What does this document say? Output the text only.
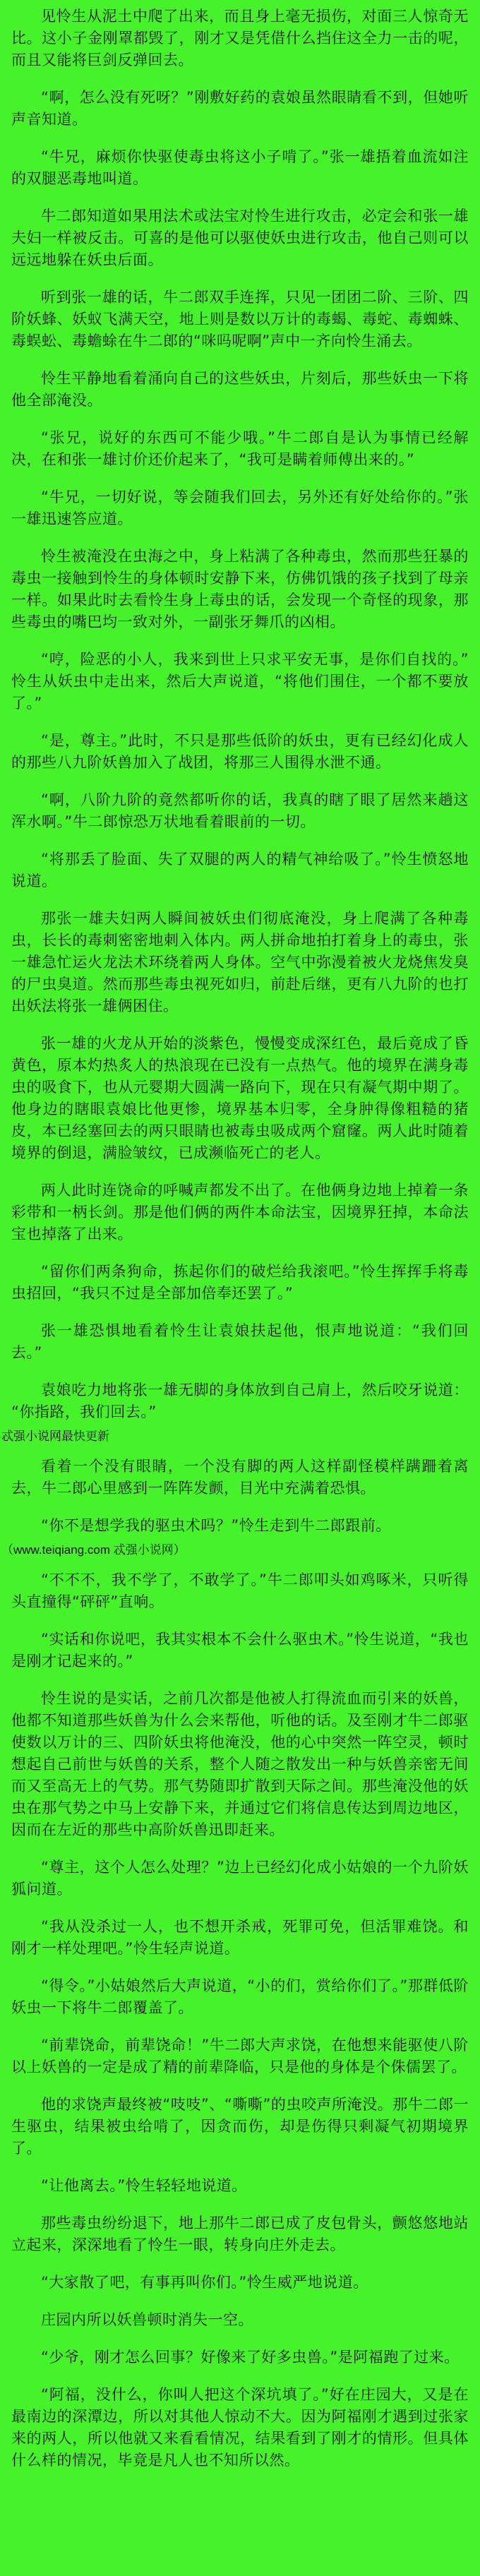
见怜生从泥土中爬了出来，而且身上毫无损伤，对面三人惊奇无比。这小子金刚罩都毁了，刚才又是凭借什么挡住这全力一击的呢，而且又能将巨剑反弹回去。

“啊，怎么没有死呀？”刚敷好药的袁娘虽然眼睛看不到，但她听声音知道。

“牛兄，麻烦你快驱使毒虫将这小子啃了。”张一雄捂着血流如注的双腿恶毒地叫道。

牛二郎知道如果用法术或法宝对怜生进行攻击，必定会和张一雄夫妇一样被反击。可喜的是他可以驱使妖虫进行攻击，他自己则可以远远地躲在妖虫后面。

听到张一雄的话，牛二郎双手连挥，只见一团团二阶、三阶、四阶妖蜂、妖蚁飞满天空，地上则是数以万计的毒蝎、毒蛇、毒蜘蛛、毒蜈蚣、毒蟾蜍在牛二郎的“咪吗呢啊”声中一齐向怜生涌去。

怜生平静地看着涌向自己的这些妖虫，片刻后，那些妖虫一下将他全部淹没。

“张兄，说好的东西可不能少哦。”牛二郎自是认为事情已经解决，在和张一雄讨价还价起来了，“我可是瞒着师傅出来的。”

“牛兄，一切好说，等会随我们回去，另外还有好处给你的。”张一雄迅速答应道。

怜生被淹没在虫海之中，身上粘满了各种毒虫，然而那些狂暴的毒虫一接触到怜生的身体顿时安静下来，仿佛饥饿的孩子找到了母亲一样。如果此时去看怜生身上毒虫的话，会发现一个奇怪的现象，那些毒虫的嘴巴均一致对外，一副张牙舞爪的凶相。

“哼，险恶的小人，我来到世上只求平安无事，是你们自找的。”怜生从妖虫中走出来，然后大声说道，“将他们围住，一个都不要放了。”

“是，尊主。”此时，不只是那些低阶的妖虫，更有已经幻化成人的那些八九阶妖兽加入了战团，将那三人围得水泄不通。

“啊，八阶九阶的竟然都听你的话，我真的瞎了眼了居然来趟这浑水啊。”牛二郎惊恐万状地看着眼前的一切。

“将那丢了脸面、失了双腿的两人的精气神给吸了。”怜生愤怒地说道。

那张一雄夫妇两人瞬间被妖虫们彻底淹没，身上爬满了各种毒虫，长长的毒刺密密地刺入体内。两人拼命地拍打着身上的毒虫，张一雄急忙运火龙法术环绕着两人身体。空气中弥漫着被火龙烧焦发臭的尸虫臭道。然而那些毒虫视死如归，前赴后继，更有八九阶的也打出妖法将张一雄俩困住。

张一雄的火龙从开始的淡紫色，慢慢变成深红色，最后竟成了昏黄色，原本灼热炙人的热浪现在已没有一点热气。他的境界在满身毒虫的吸食下，也从元婴期大圆满一路向下，现在只有凝气期中期了。他身边的瞎眼袁娘比他更惨，境界基本归零，全身肿得像粗糙的猪皮，本已经塞回去的两只眼睛也被毒虫吸成两个窟窿。两人此时随着境界的倒退，满脸皱纹，已成濒临死亡的老人。

两人此时连饶命的呼喊声都发不出了。在他俩身边地上掉着一条彩带和一柄长剑。那是他们俩的两件本命法宝，因境界狂掉，本命法宝也掉落了出来。

“留你们两条狗命，拣起你们的破烂给我滚吧。”怜生挥挥手将毒虫招回，“我只不过是全部加倍奉还罢了。”

张一雄恐惧地看着怜生让袁娘扶起他，恨声地说道：“我们回去。”

袁娘吃力地将张一雄无脚的身体放到自己肩上，然后咬牙说道：“你指路，我们回去。”

忒强小说网最快更新

看着一个没有眼睛，一个没有脚的两人这样副怪模样蹒跚着离去，牛二郎心里感到一阵阵发颤，目光中充满着恐惧。

“你不是想学我的驱虫术吗？”怜生走到牛二郎跟前。

（www.teiqiang.com 忒强小说网）

“不不不，我不学了，不敢学了。”牛二郎叩头如鸡啄米，只听得头直撞得“砰砰”直响。

“实话和你说吧，我其实根本不会什么驱虫术。”怜生说道，“我也是刚才记起来的。”

怜生说的是实话，之前几次都是他被人打得流血而引来的妖兽，他都不知道那些妖兽为什么会来帮他，听他的话。及至刚才牛二郎驱使数以万计的三、四阶妖虫将他淹没，他的心中突然一阵空灵，顿时想起自己前世与妖兽的关系，整个人随之散发出一种与妖兽亲密无间而又至高无上的气势。那气势随即扩散到天际之间。那些淹没他的妖虫在那气势之中马上安静下来，并通过它们将信息传达到周边地区，因而在左近的那些中高阶妖兽迅即赶来。

“尊主，这个人怎么处理？”边上已经幻化成小姑娘的一个九阶妖狐问道。

“我从没杀过一人，也不想开杀戒，死罪可免，但活罪难饶。和刚才一样处理吧。”怜生轻声说道。

“得令。”小姑娘然后大声说道，“小的们，赏给你们了。”那群低阶妖虫一下将牛二郎覆盖了。

“前辈饶命，前辈饶命！”牛二郎大声求饶，在他想来能驱使八阶以上妖兽的一定是成了精的前辈降临，只是他的身体是个侏儒罢了。

他的求饶声最终被“吱吱”、“嘶嘶”的虫咬声所淹没。那牛二郎一生驱虫，结果被虫给啃了，因贪而伤，却是伤得只剩凝气初期境界了。

“让他离去。”怜生轻轻地说道。

那些毒虫纷纷退下，地上那牛二郎已成了皮包骨头，颤悠悠地站立起来，深深地看了怜生一眼，转身向庄外走去。

“大家散了吧，有事再叫你们。”怜生威严地说道。

庄园内所以妖兽顿时消失一空。

“少爷，刚才怎么回事？好像来了好多虫兽。”是阿福跑了过来。

“阿福，没什么，你叫人把这个深坑填了。”好在庄园大，又是在最南边的深潭边，所以对其他人惊动不大。因为阿福刚才遇到过张家来的两人，所以他就又来看看情况，结果看到了刚才的情形。但具体什么样的情况，毕竟是凡人也不知所以然。
